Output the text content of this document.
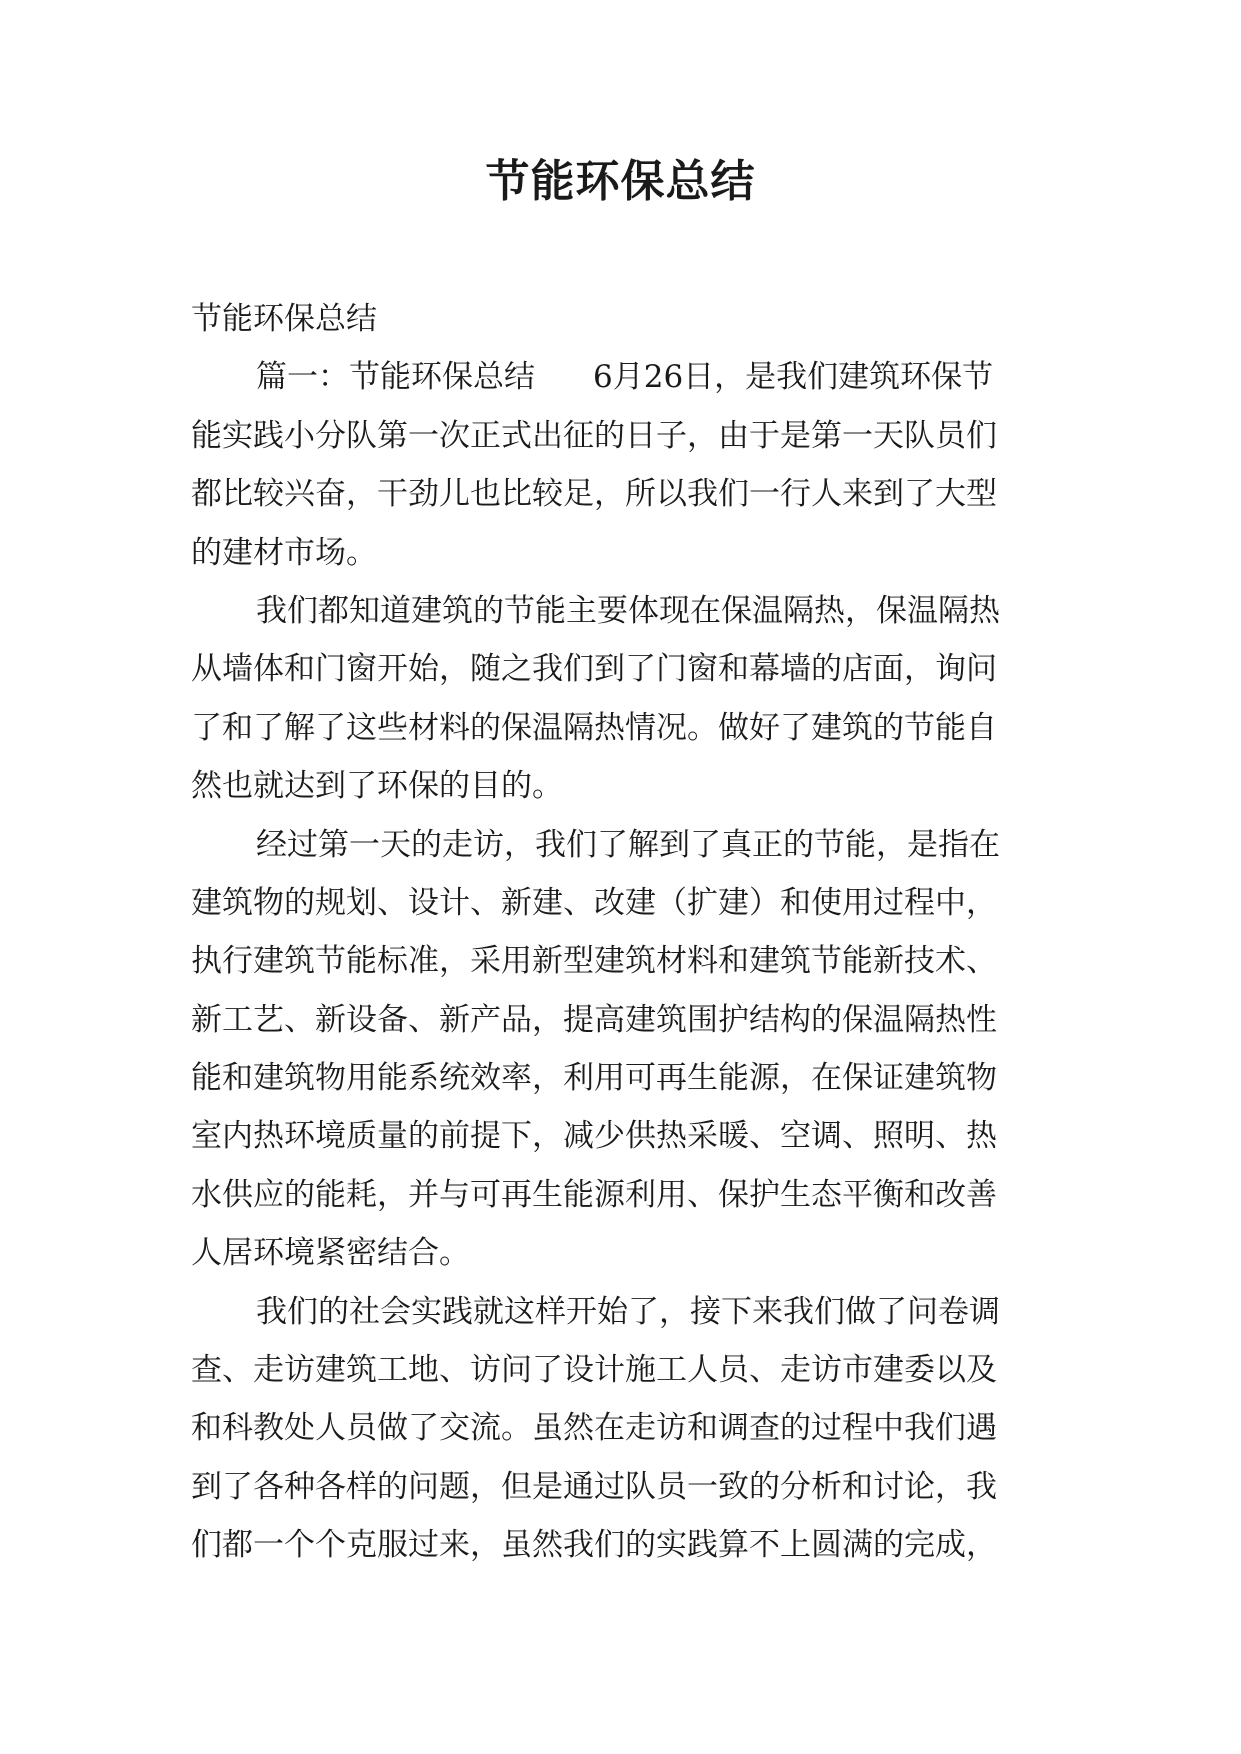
节能环保总结
节能环保总结
篇一：节能环保总结 6月26日，是我们建筑环保节
能实践小分队第一次正式出征的日子，由于是第一天队员们
都比较兴奋，干劲儿也比较足，所以我们一行人来到了大型
的建材市场。
我们都知道建筑的节能主要体现在保温隔热，保温隔热
从墙体和门窗开始，随之我们到了门窗和幕墙的店面，询问
了和了解了这些材料的保温隔热情况。做好了建筑的节能自
然也就达到了环保的目的。
经过第一天的走访，我们了解到了真正的节能，是指在
建筑物的规划、设计、新建、改建（扩建）和使用过程中，
执行建筑节能标准，采用新型建筑材料和建筑节能新技术、
新工艺、新设备、新产品，提高建筑围护结构的保温隔热性
能和建筑物用能系统效率，利用可再生能源，在保证建筑物
室内热环境质量的前提下，减少供热采暖、空调、照明、热
水供应的能耗，并与可再生能源利用、保护生态平衡和改善
人居环境紧密结合。
我们的社会实践就这样开始了，接下来我们做了问卷调
查、走访建筑工地、访问了设计施工人员、走访市建委以及
和科教处人员做了交流。虽然在走访和调查的过程中我们遇
到了各种各样的问题，但是通过队员一致的分析和讨论，我
们都一个个克服过来，虽然我们的实践算不上圆满的完成，
